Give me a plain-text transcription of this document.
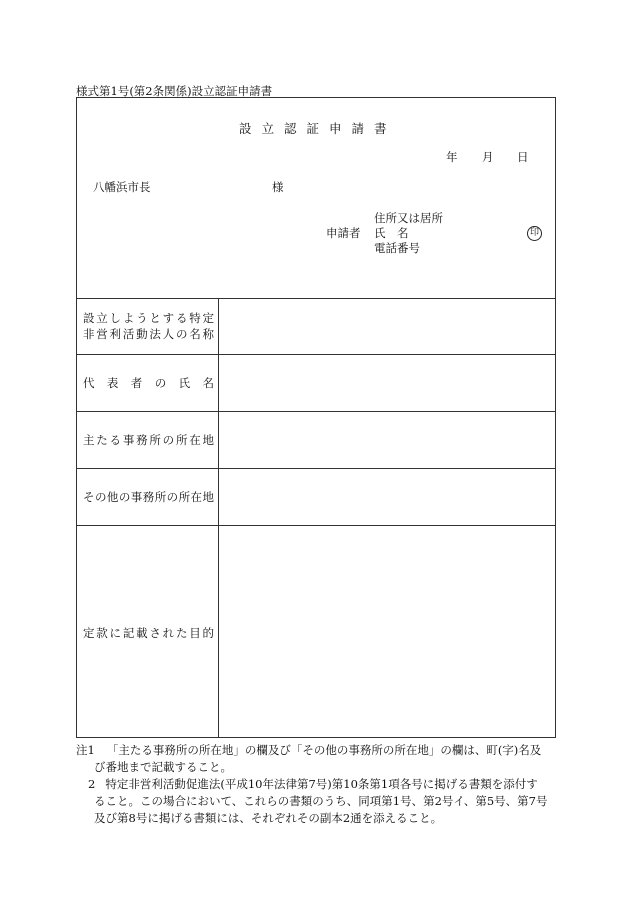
様式第1号(第2条関係)設立認証申請書
設立認証申請書
年 月 日
八幡浜市長	様
申請者
住所又は居所
氏　名
電話番号
印
設立しようとする特定
非営利活動法人の名称
代表者の氏名
主たる事務所の所在地
その他の事務所の所在地
定款に記載された目的

注1 「主たる事務所の所在地」の欄及び「その他の事務所の所在地」の欄は、町(字)名及

び番地まで記載すること。

2 特定非営利活動促進法(平成10年法律第7号)第10条第1項各号に掲げる書類を添付す

ること。この場合において、これらの書類のうち、同項第1号、第2号イ、第5号、第7号

及び第8号に掲げる書類には、それぞれその副本2通を添えること。
